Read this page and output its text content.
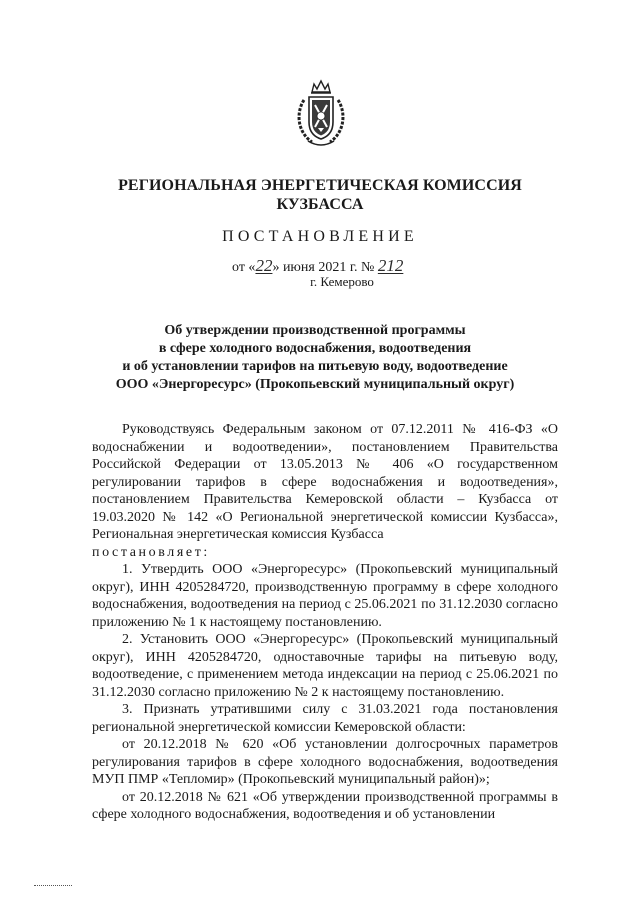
РЕГИОНАЛЬНАЯ ЭНЕРГЕТИЧЕСКАЯ КОМИССИЯ
КУЗБАССА
ПОСТАНОВЛЕНИЕ
от «22» июня 2021 г. № 212
г. Кемерово
Об утверждении производственной программы
в сфере холодного водоснабжения, водоотведения
и об установлении тарифов на питьевую воду, водоотведение
ООО «Энергоресурс» (Прокопьевский муниципальный округ)

Руководствуясь Федеральным законом от 07.12.2011 № 416-ФЗ «О водоснабжении и водоотведении», постановлением Правительства Российской Федерации от 13.05.2013 № 406 «О государственном регулировании тарифов в сфере водоснабжения и водоотведения», постановлением Правительства Кемеровской области – Кузбасса от 19.03.2020 № 142 «О Региональной энергетической комиссии Кузбасса», Региональная энергетическая комиссия Кузбасса

постановляет:

1. Утвердить ООО «Энергоресурс» (Прокопьевский муниципальный округ), ИНН 4205284720, производственную программу в сфере холодного водоснабжения, водоотведения на период с 25.06.2021 по 31.12.2030 согласно приложению № 1 к настоящему постановлению.

2. Установить ООО «Энергоресурс» (Прокопьевский муниципальный округ), ИНН 4205284720, одноставочные тарифы на питьевую воду, водоотведение, с применением метода индексации на период с 25.06.2021 по 31.12.2030 согласно приложению № 2 к настоящему постановлению.

3. Признать утратившими силу с 31.03.2021 года постановления региональной энергетической комиссии Кемеровской области:

от 20.12.2018 № 620 «Об установлении долгосрочных параметров регулирования тарифов в сфере холодного водоснабжения, водоотведения МУП ПМР «Тепломир» (Прокопьевский муниципальный район)»;

от 20.12.2018 № 621 «Об утверждении производственной программы в сфере холодного водоснабжения, водоотведения и об установлении
